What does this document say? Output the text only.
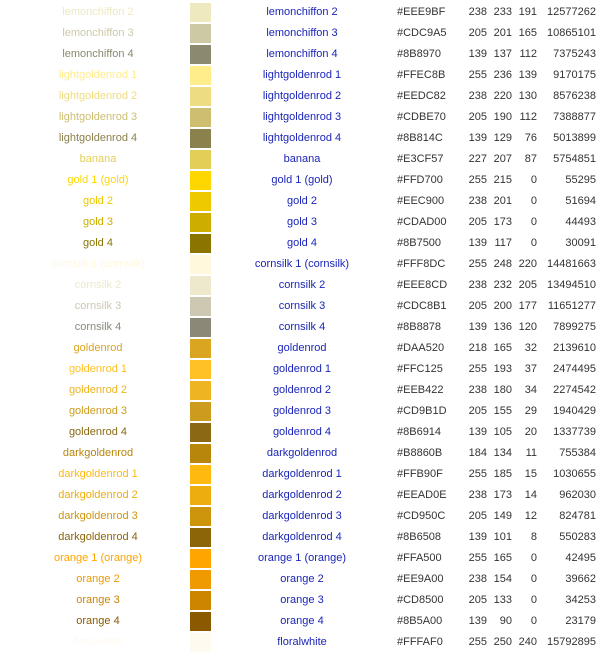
lemonchiffon 2	lemonchiffon 2	#EEE9BF	238 233 191 12577262
lemonchiffon 3	lemonchiffon 3	#CDC9A5	205 201 165 10865101
lemonchiffon 4	lemonchiffon 4	#8B8970	139 137 112	7375243
lightgoldenrod 1	lightgoldenrod 1	#FFEC8B	255 236 139	9170175
lightgoldenrod 2	lightgoldenrod 2	#EEDC82	238 220 130	8576238
lightgoldenrod 3	lightgoldenrod 3	#CDBE70	205 190 112	7388877
lightgoldenrod 4	lightgoldenrod 4	#8B814C	139 129	76	5013899
banana	banana	#E3CF57	227 207	87	5754851
gold 1 (gold)	gold 1 (gold)	#FFD700	255 215	0	55295
gold 2	gold 2	#EEC900	238 201	0	51694
gold 3	gold 3	#CDAD00	205 173	0	44493
gold 4	gold 4	#8B7500	139 117	0	30091
cornsilk 1 (cornsilk)	cornsilk 1 (cornsilk)	#FFF8DC	255 248 220 14481663
cornsilk 2	cornsilk 2	#EEE8CD	238 232 205 13494510
cornsilk 3	cornsilk 3	#CDC8B1	205 200 177 11651277
cornsilk 4	cornsilk 4	#8B8878	139 136 120	7899275
goldenrod	goldenrod	#DAA520	218 165	32	2139610
goldenrod 1	goldenrod 1	#FFC125	255 193	37	2474495
goldenrod 2	goldenrod 2	#EEB422	238 180	34	2274542
goldenrod 3	goldenrod 3	#CD9B1D	205 155	29	1940429
goldenrod 4	goldenrod 4	#8B6914	139 105	20	1337739
darkgoldenrod	darkgoldenrod	#B8860B	184 134	11	755384
darkgoldenrod 1	darkgoldenrod 1	#FFB90F	255 185	15	1030655
darkgoldenrod 2	darkgoldenrod 2	#EEAD0E	238 173	14	962030
darkgoldenrod 3	darkgoldenrod 3	#CD950C	205 149	12	824781
darkgoldenrod 4	darkgoldenrod 4	#8B6508	139 101	8	550283
orange 1 (orange)	orange 1 (orange)	#FFA500	255 165	0	42495
orange 2	orange 2	#EE9A00	238 154	0	39662
orange 3	orange 3	#CD8500	205 133	0	34253
orange 4	orange 4	#8B5A00	139	90	0	23179
floralwhite	floralwhite	#FFFAF0	255 250 240 15792895
